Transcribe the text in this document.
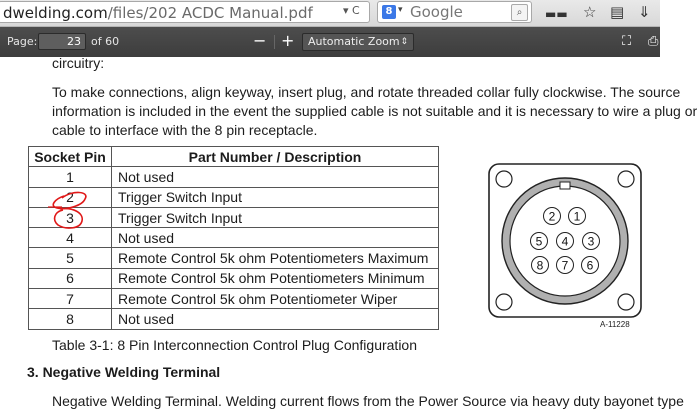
dwelding.com/files/202 ACDC Manual.pdf	▾ C	8 ▾ Google	⌕	▬▬ ☆ ▤ ⇓
Page:	23 of 60	− +	Automatic Zoom ⇕	⛶ ⎙
circuitry:
To make connections, align keyway, insert plug, and rotate threaded collar fully clockwise. The source
information is included in the event the supplied cable is not suitable and it is necessary to wire a plug or
cable to interface with the 8 pin receptacle.
Socket Pin	Part Number / Description
1	Not used
2	Trigger Switch Input
3	Trigger Switch Input
4	Not used
5	Remote Control 5k ohm Potentiometers Maximum
6	Remote Control 5k ohm Potentiometers Minimum
7	Remote Control 5k ohm Potentiometer Wiper
8	Not used
1
2
3
4
5
6
7
8
A-11228
Table 3-1: 8 Pin Interconnection Control Plug Configuration
3. Negative Welding Terminal
Negative Welding Terminal. Welding current flows from the Power Source via heavy duty bayonet type
